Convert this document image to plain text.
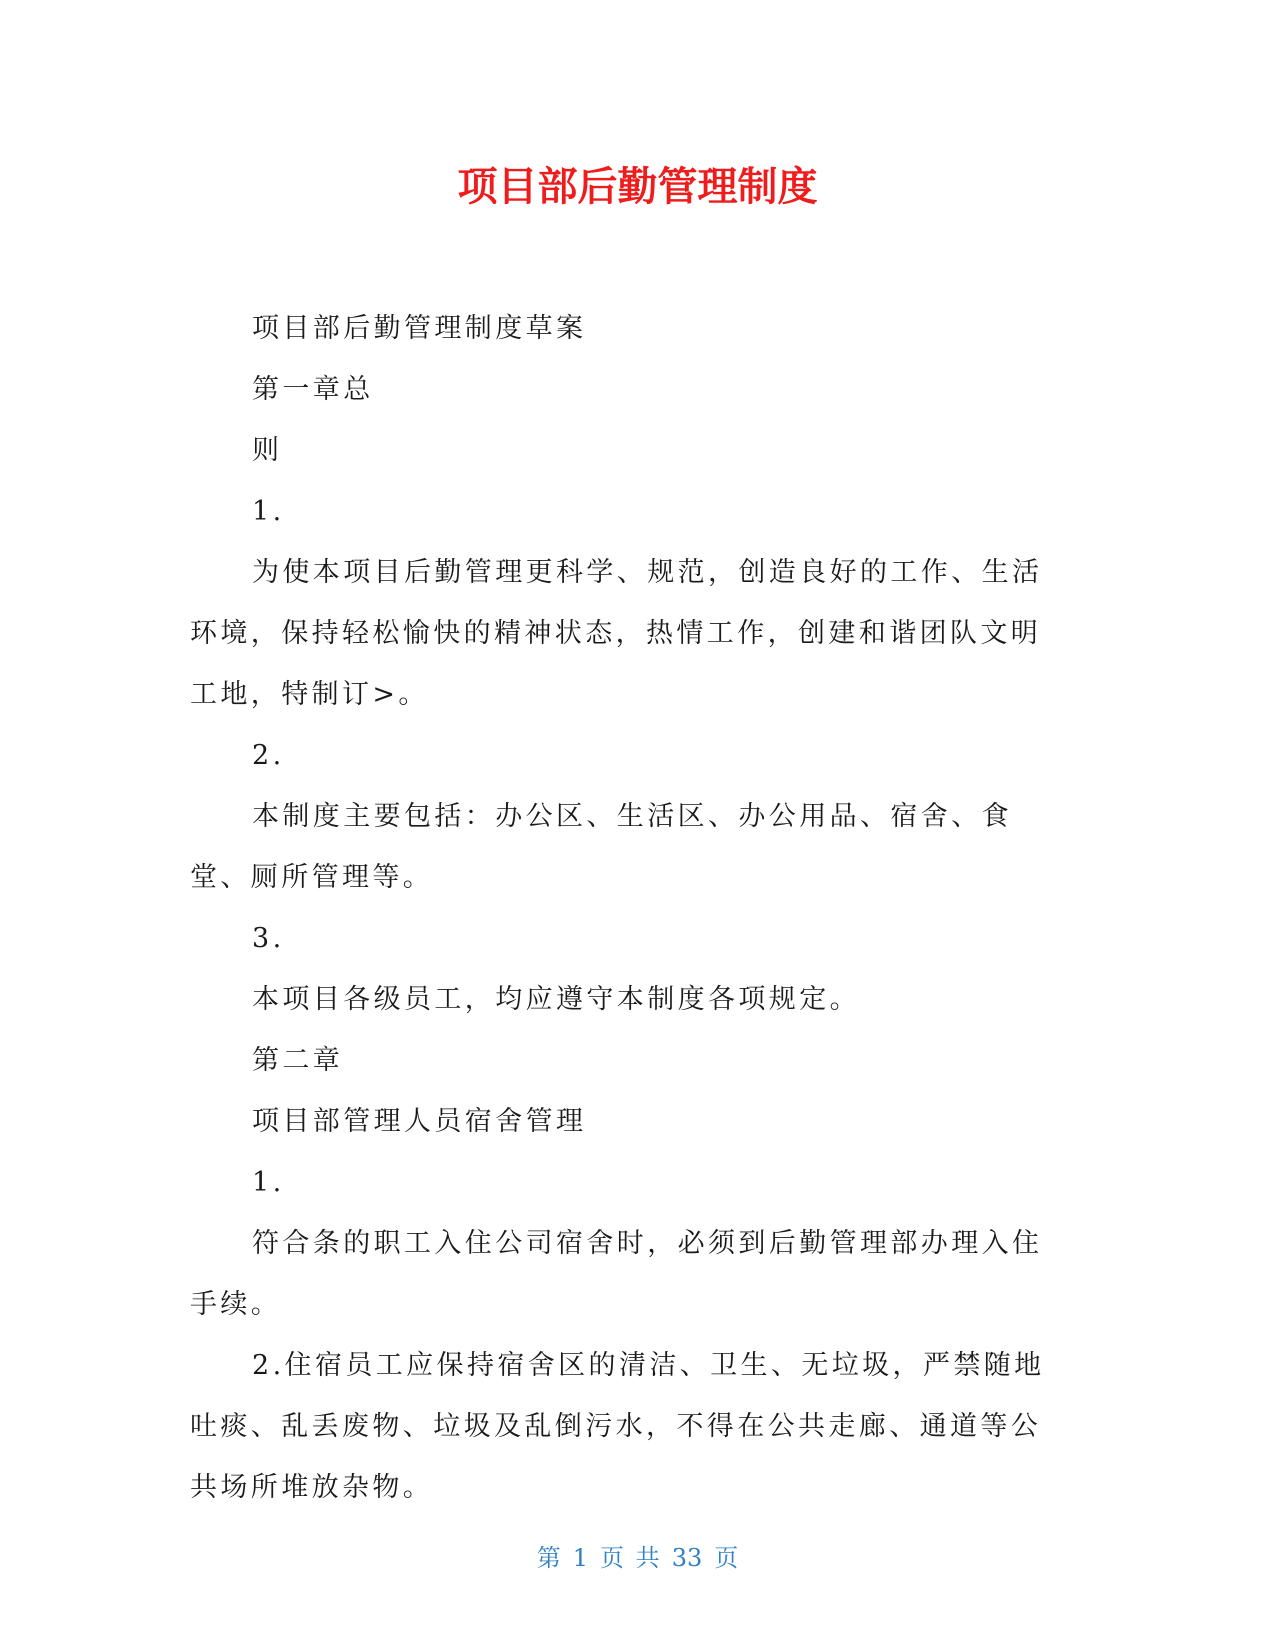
项目部后勤管理制度

项目部后勤管理制度草案

第一章总

则

1.

为使本项目后勤管理更科学、规范，创造良好的工作、生活环境，保持轻松愉快的精神状态，热情工作，创建和谐团队文明工地，特制订>。

2.

本制度主要包括：办公区、生活区、办公用品、宿舍、食堂、厕所管理等。

3.

本项目各级员工，均应遵守本制度各项规定。

第二章

项目部管理人员宿舍管理

1.

符合条的职工入住公司宿舍时，必须到后勤管理部办理入住手续。

2.住宿员工应保持宿舍区的清洁、卫生、无垃圾，严禁随地吐痰、乱丢废物、垃圾及乱倒污水，不得在公共走廊、通道等公共场所堆放杂物。

第 1 页 共 33 页
